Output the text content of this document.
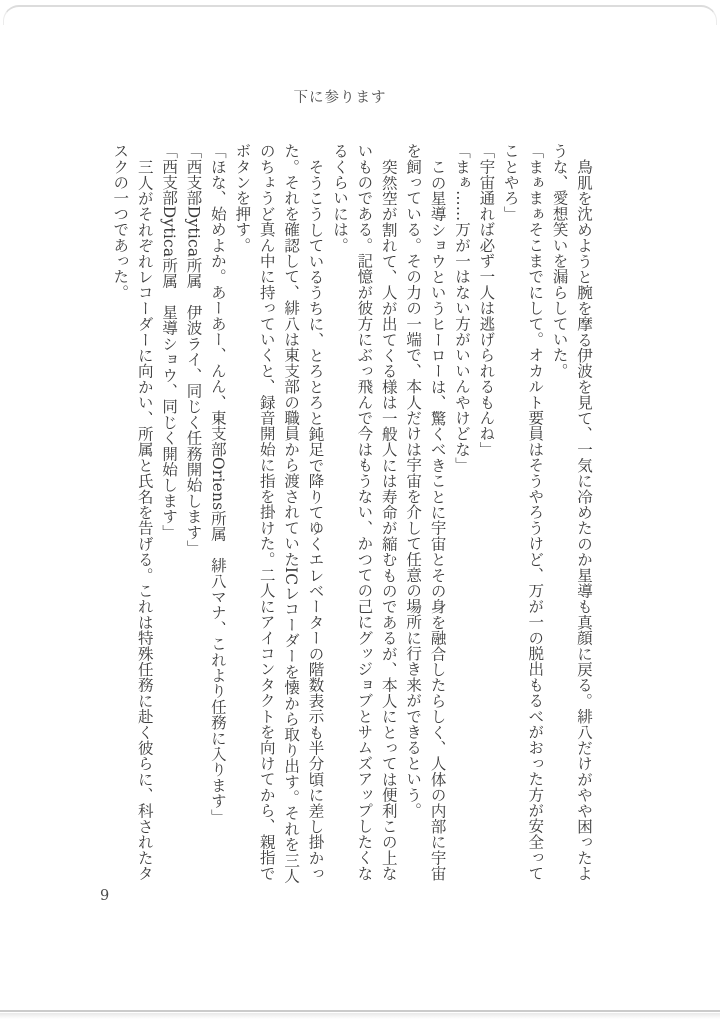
下に参ります

鳥肌を沈めようと腕を摩る伊波を見て、一気に冷めたのか星導も真顔に戻る。緋八だけがやや困ったような、愛想笑いを漏らしていた。

「まぁまぁそこまでにして。オカルト要員はそうやろうけど、万が一の脱出もるべがおった方が安全ってことやろ」

「宇宙通れば必ず一人は逃げられるもんね」

「まぁ……万が一はない方がいいんやけどな」

この星導ショウというヒーローは、驚くべきことに宇宙とその身を融合したらしく、人体の内部に宇宙を飼っている。その力の一端で、本人だけは宇宙を介して任意の場所に行き来ができるという。

突然空が割れて、人が出てくる様は一般人には寿命が縮むものであるが、本人にとっては便利この上ないものである。記憶が彼方にぶっ飛んで今はもうない、かつての己にグッジョブとサムズアップしたくなるくらいには。

そうこうしているうちに、とろとろと鈍足で降りてゆくエレベーターの階数表示も半分頃に差し掛かった。それを確認して、緋八は東支部の職員から渡されていたICレコーダーを懐から取り出す。それを三人のちょうど真ん中に持っていくと、録音開始に指を掛けた。二人にアイコンタクトを向けてから、親指でボタンを押す。

「ほな、始めよか。あーあー、んん、東支部Oriens所属　緋八マナ、これより任務に入ります」

「西支部Dytica所属　伊波ライ、同じく任務開始します」

「西支部Dytica所属　星導ショウ、同じく開始します」

三人がそれぞれレコーダーに向かい、所属と氏名を告げる。これは特殊任務に赴く彼らに、科されたタスクの一つであった。

9
